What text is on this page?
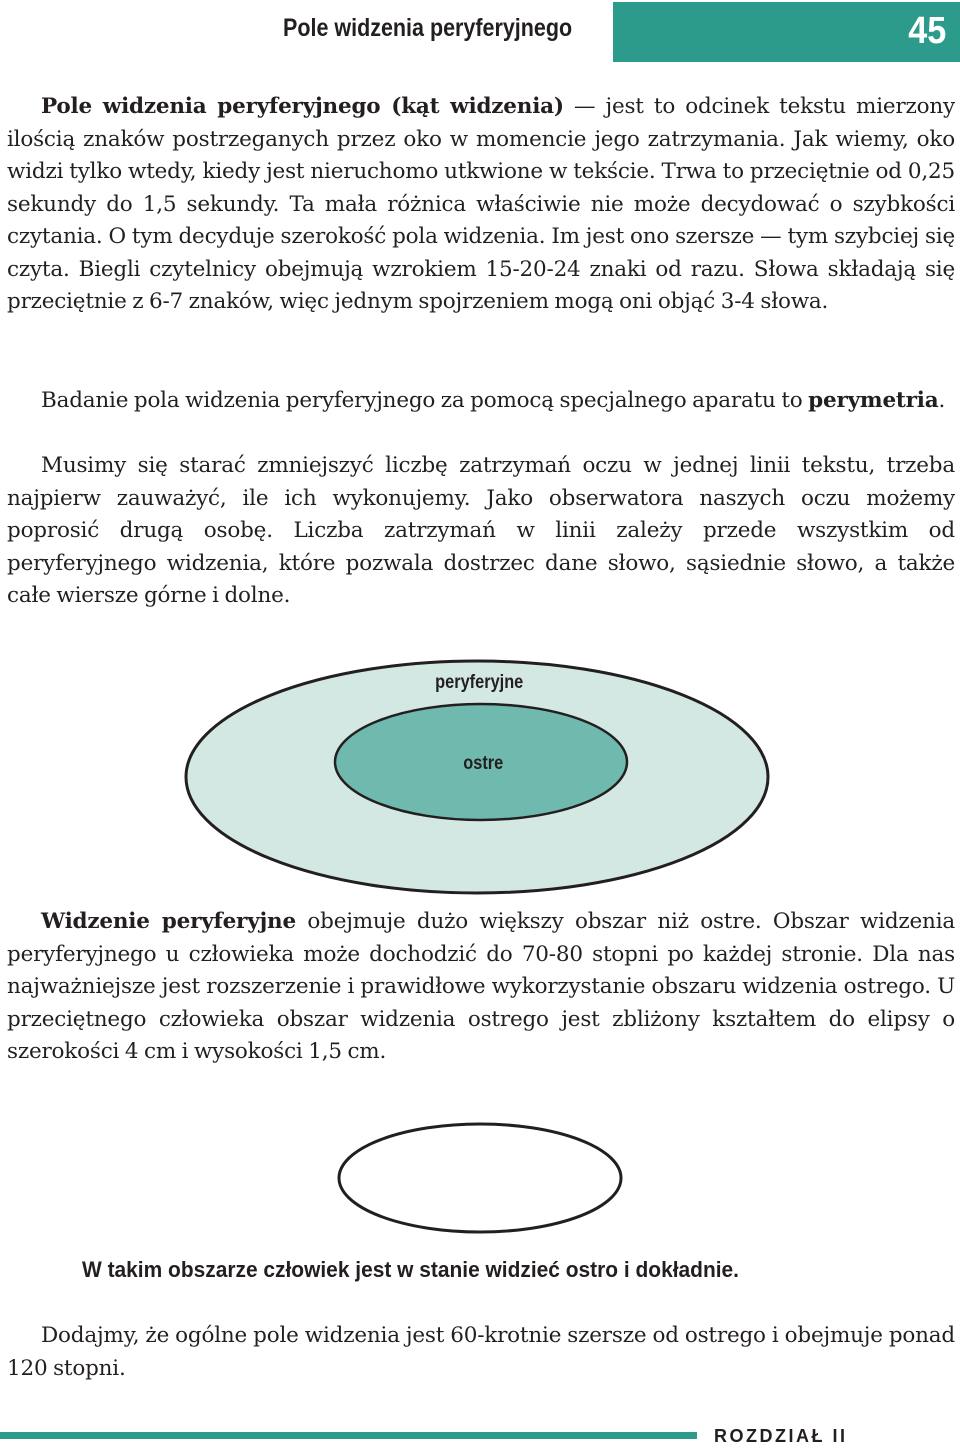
Pole widzenia peryferyjnego	45

Pole widzenia peryferyjnego (kąt widzenia) — jest to odcinek tekstu mierzony ilością znaków postrzeganych przez oko w momencie jego zatrzymania. Jak wiemy, oko widzi tylko wtedy, kiedy jest nieruchomo utkwione w tekście. Trwa to przeciętnie od 0,25 sekundy do 1,5 sekundy. Ta mała różnica właściwie nie może decydować o szybkości czytania. O tym decyduje szerokość pola widzenia. Im jest ono szersze — tym szybciej się czyta. Biegli czytelnicy obejmują wzrokiem 15-20-24 znaki od razu. Słowa składają się przeciętnie z 6-7 znaków, więc jednym spojrzeniem mogą oni objąć 3-4 słowa.

Badanie pola widzenia peryferyjnego za pomocą specjalnego aparatu to perymetria.

Musimy się starać zmniejszyć liczbę zatrzymań oczu w jednej linii tekstu, trzeba najpierw zauważyć, ile ich wykonujemy. Jako obserwatora naszych oczu możemy poprosić drugą osobę. Liczba zatrzymań w linii zależy przede wszystkim od peryferyjnego widzenia, które pozwala dostrzec dane słowo, sąsiednie słowo, a także całe wiersze górne i dolne.

peryferyjne
ostre

Widzenie peryferyjne obejmuje dużo większy obszar niż ostre. Obszar widzenia peryferyjnego u człowieka może dochodzić do 70-80 stopni po każdej stronie. Dla nas najważniejsze jest rozszerzenie i prawidłowe wykorzystanie obszaru widzenia ostrego. U przeciętnego człowieka obszar widzenia ostrego jest zbliżony kształtem do elipsy o szerokości 4 cm i wysokości 1,5 cm.

W takim obszarze człowiek jest w stanie widzieć ostro i dokładnie.

Dodajmy, że ogólne pole widzenia jest 60-krotnie szersze od ostrego i obejmuje ponad 120 stopni.

ROZDZIAŁ II
